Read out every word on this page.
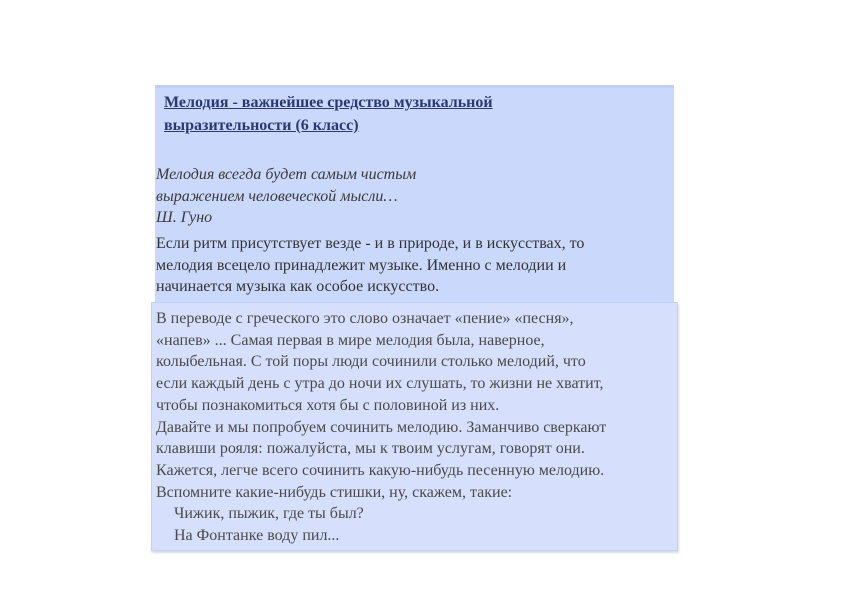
Мелодия - важнейшее средство музыкальной
выразительности (6 класс)
Мелодия всегда будет самым чистым
выражением человеческой мысли…
Ш. Гуно
Если ритм присутствует везде - и в природе, и в искусствах, то
мелодия всецело принадлежит музыке. Именно с мелодии и
начинается музыка как особое искусство.
В переводе с греческого это слово означает «пение» «песня»,
«напев» ... Самая первая в мире мелодия была, наверное,
колыбельная. С той поры люди сочинили столько мелодий, что
если каждый день с утра до ночи их слушать, то жизни не хватит,
чтобы познакомиться хотя бы с половиной из них.
Давайте и мы попробуем сочинить мелодию. Заманчиво сверкают
клавиши рояля: пожалуйста, мы к твоим услугам, говорят они.
Кажется, легче всего сочинить какую-нибудь песенную мелодию.
Вспомните какие-нибудь стишки, ну, скажем, такие:
Чижик, пыжик, где ты был?
На Фонтанке воду пил...
